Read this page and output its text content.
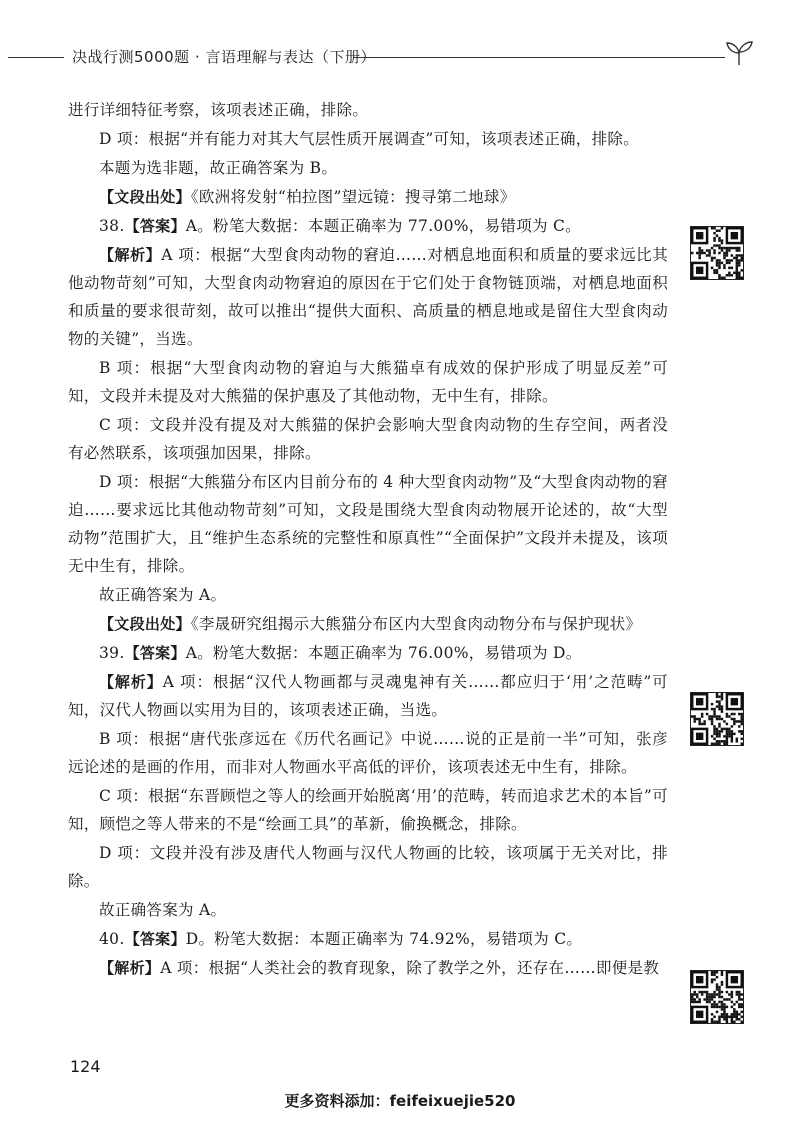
决战行测5000题 · 言语理解与表达（下册）

进行详细特征考察，该项表述正确，排除。

D 项：根据“并有能力对其大气层性质开展调查”可知，该项表述正确，排除。

本题为选非题，故正确答案为 B。

【文段出处】《欧洲将发射“柏拉图”望远镜：搜寻第二地球》

38.【答案】A。粉笔大数据：本题正确率为 77.00%，易错项为 C。

【解析】A 项：根据“大型食肉动物的窘迫……对栖息地面积和质量的要求远比其他动物苛刻”可知，大型食肉动物窘迫的原因在于它们处于食物链顶端，对栖息地面积和质量的要求很苛刻，故可以推出“提供大面积、高质量的栖息地或是留住大型食肉动物的关键”，当选。

B 项：根据“大型食肉动物的窘迫与大熊猫卓有成效的保护形成了明显反差”可知，文段并未提及对大熊猫的保护惠及了其他动物，无中生有，排除。

C 项：文段并没有提及对大熊猫的保护会影响大型食肉动物的生存空间，两者没有必然联系，该项强加因果，排除。

D 项：根据“大熊猫分布区内目前分布的 4 种大型食肉动物”及“大型食肉动物的窘迫……要求远比其他动物苛刻”可知，文段是围绕大型食肉动物展开论述的，故“大型动物”范围扩大，且“维护生态系统的完整性和原真性”“全面保护”文段并未提及，该项无中生有，排除。

故正确答案为 A。

【文段出处】《李晟研究组揭示大熊猫分布区内大型食肉动物分布与保护现状》

39.【答案】A。粉笔大数据：本题正确率为 76.00%，易错项为 D。

【解析】A 项：根据“汉代人物画都与灵魂鬼神有关……都应归于‘用’之范畴”可知，汉代人物画以实用为目的，该项表述正确，当选。

B 项：根据“唐代张彦远在《历代名画记》中说……说的正是前一半”可知，张彦远论述的是画的作用，而非对人物画水平高低的评价，该项表述无中生有，排除。

C 项：根据“东晋顾恺之等人的绘画开始脱离‘用’的范畴，转而追求艺术的本旨”可知，顾恺之等人带来的不是“绘画工具”的革新，偷换概念，排除。

D 项：文段并没有涉及唐代人物画与汉代人物画的比较，该项属于无关对比，排除。

故正确答案为 A。

40.【答案】D。粉笔大数据：本题正确率为 74.92%，易错项为 C。

【解析】A 项：根据“人类社会的教育现象，除了教学之外，还存在……即便是教

124
更多资料添加：feifeixuejie520
